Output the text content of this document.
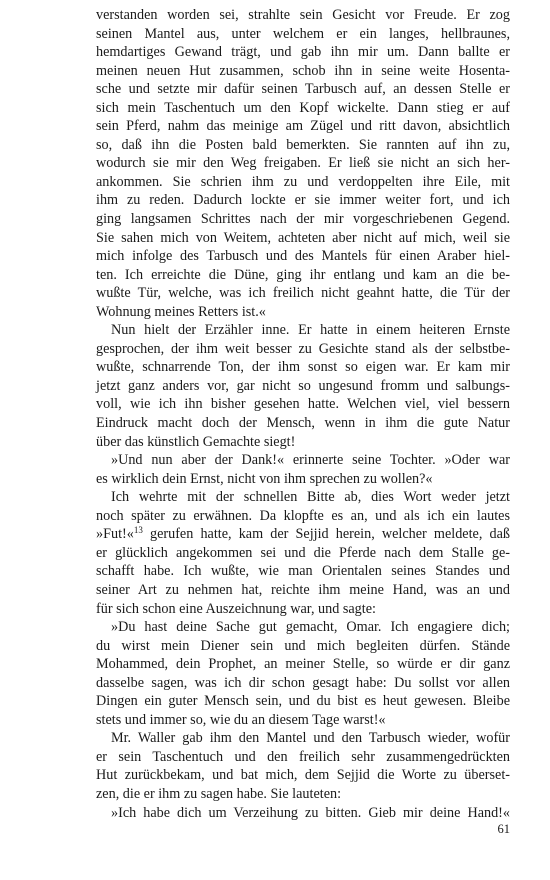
verstanden worden sei, strahlte sein Gesicht vor Freude. Er zog
seinen Mantel aus, unter welchem er ein langes, hellbraunes,
hemdartiges Gewand trägt, und gab ihn mir um. Dann ballte er
meinen neuen Hut zusammen, schob ihn in seine weite Hosenta-
sche und setzte mir dafür seinen Tarbusch auf, an dessen Stelle er
sich mein Taschentuch um den Kopf wickelte. Dann stieg er auf
sein Pferd, nahm das meinige am Zügel und ritt davon, absichtlich
so, daß ihn die Posten bald bemerkten. Sie rannten auf ihn zu,
wodurch sie mir den Weg freigaben. Er ließ sie nicht an sich her-
ankommen. Sie schrien ihm zu und verdoppelten ihre Eile, mit
ihm zu reden. Dadurch lockte er sie immer weiter fort, und ich
ging langsamen Schrittes nach der mir vorgeschriebenen Gegend.
Sie sahen mich von Weitem, achteten aber nicht auf mich, weil sie
mich infolge des Tarbusch und des Mantels für einen Araber hiel-
ten. Ich erreichte die Düne, ging ihr entlang und kam an die be-
wußte Tür, welche, was ich freilich nicht geahnt hatte, die Tür der
Wohnung meines Retters ist.«
Nun hielt der Erzähler inne. Er hatte in einem heiteren Ernste
gesprochen, der ihm weit besser zu Gesichte stand als der selbstbe-
wußte, schnarrende Ton, der ihm sonst so eigen war. Er kam mir
jetzt ganz anders vor, gar nicht so ungesund fromm und salbungs-
voll, wie ich ihn bisher gesehen hatte. Welchen viel, viel bessern
Eindruck macht doch der Mensch, wenn in ihm die gute Natur
über das künstlich Gemachte siegt!
»Und nun aber der Dank!« erinnerte seine Tochter. »Oder war
es wirklich dein Ernst, nicht von ihm sprechen zu wollen?«
Ich wehrte mit der schnellen Bitte ab, dies Wort weder jetzt
noch später zu erwähnen. Da klopfte es an, und als ich ein lautes
»Fut!«$^{13}$ gerufen hatte, kam der Sejjid herein, welcher meldete, daß
er glücklich angekommen sei und die Pferde nach dem Stalle ge-
schafft habe. Ich wußte, wie man Orientalen seines Standes und
seiner Art zu nehmen hat, reichte ihm meine Hand, was an und
für sich schon eine Auszeichnung war, und sagte:
»Du hast deine Sache gut gemacht, Omar. Ich engagiere dich;
du wirst mein Diener sein und mich begleiten dürfen. Stände
Mohammed, dein Prophet, an meiner Stelle, so würde er dir ganz
dasselbe sagen, was ich dir schon gesagt habe: Du sollst vor allen
Dingen ein guter Mensch sein, und du bist es heut gewesen. Bleibe
stets und immer so, wie du an diesem Tage warst!«
Mr. Waller gab ihm den Mantel und den Tarbusch wieder, wofür
er sein Taschentuch und den freilich sehr zusammengedrückten
Hut zurückbekam, und bat mich, dem Sejjid die Worte zu überset-
zen, die er ihm zu sagen habe. Sie lauteten:
»Ich habe dich um Verzeihung zu bitten. Gieb mir deine Hand!«
61
